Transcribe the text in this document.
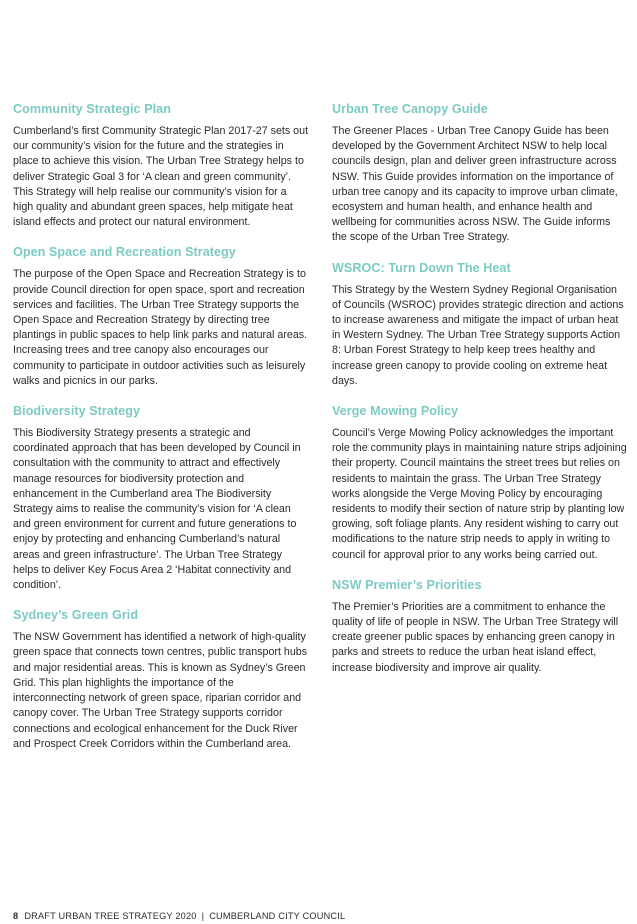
Community Strategic Plan

Cumberland’s first Community Strategic Plan 2017-27 sets out our community’s vision for the future and the strategies in place to achieve this vision. The Urban Tree Strategy helps to deliver Strategic Goal 3 for ‘A clean and green community’. This Strategy will help realise our community’s vision for a high quality and abundant green spaces, help mitigate heat island effects and protect our natural environment.

Open Space and Recreation Strategy

The purpose of the Open Space and Recreation Strategy is to provide Council direction for open space, sport and recreation services and facilities. The Urban Tree Strategy supports the Open Space and Recreation Strategy by directing tree plantings in public spaces to help link parks and natural areas. Increasing trees and tree canopy also encourages our community to participate in outdoor activities such as leisurely walks and picnics in our parks.

Biodiversity Strategy

This Biodiversity Strategy presents a strategic and coordinated approach that has been developed by Council in consultation with the community to attract and effectively manage resources for biodiversity protection and enhancement in the Cumberland area The Biodiversity Strategy aims to realise the community’s vision for ‘A clean and green environment for current and future generations to enjoy by protecting and enhancing Cumberland’s natural areas and green infrastructure’. The Urban Tree Strategy helps to deliver Key Focus Area 2 ‘Habitat connectivity and condition’.

Sydney’s Green Grid

The NSW Government has identified a network of high-quality green space that connects town centres, public transport hubs and major residential areas. This is known as Sydney’s Green Grid. This plan highlights the importance of the interconnecting network of green space, riparian corridor and canopy cover. The Urban Tree Strategy supports corridor connections and ecological enhancement for the Duck River and Prospect Creek Corridors within the Cumberland area.

Urban Tree Canopy Guide

The Greener Places - Urban Tree Canopy Guide has been developed by the Government Architect NSW to help local councils design, plan and deliver green infrastructure across NSW. This Guide provides information on the importance of urban tree canopy and its capacity to improve urban climate, ecosystem and human health, and enhance health and wellbeing for communities across NSW. The Guide informs the scope of the Urban Tree Strategy.

WSROC: Turn Down The Heat

This Strategy by the Western Sydney Regional Organisation of Councils (WSROC) provides strategic direction and actions to increase awareness and mitigate the impact of urban heat in Western Sydney. The Urban Tree Strategy supports Action 8: Urban Forest Strategy to help keep trees healthy and increase green canopy to provide cooling on extreme heat days.

Verge Mowing Policy

Council’s Verge Mowing Policy acknowledges the important role the community plays in maintaining nature strips adjoining their property. Council maintains the street trees but relies on residents to maintain the grass. The Urban Tree Strategy works alongside the Verge Moving Policy by encouraging residents to modify their section of nature strip by planting low growing, soft foliage plants. Any resident wishing to carry out modifications to the nature strip needs to apply in writing to council for approval prior to any works being carried out.

NSW Premier’s Priorities

The Premier’s Priorities are a commitment to enhance the quality of life of people in NSW. The Urban Tree Strategy will create greener public spaces by enhancing green canopy in parks and streets to reduce the urban heat island effect, increase biodiversity and improve air quality.

8 DRAFT URBAN TREE STRATEGY 2020 | CUMBERLAND CITY COUNCIL
